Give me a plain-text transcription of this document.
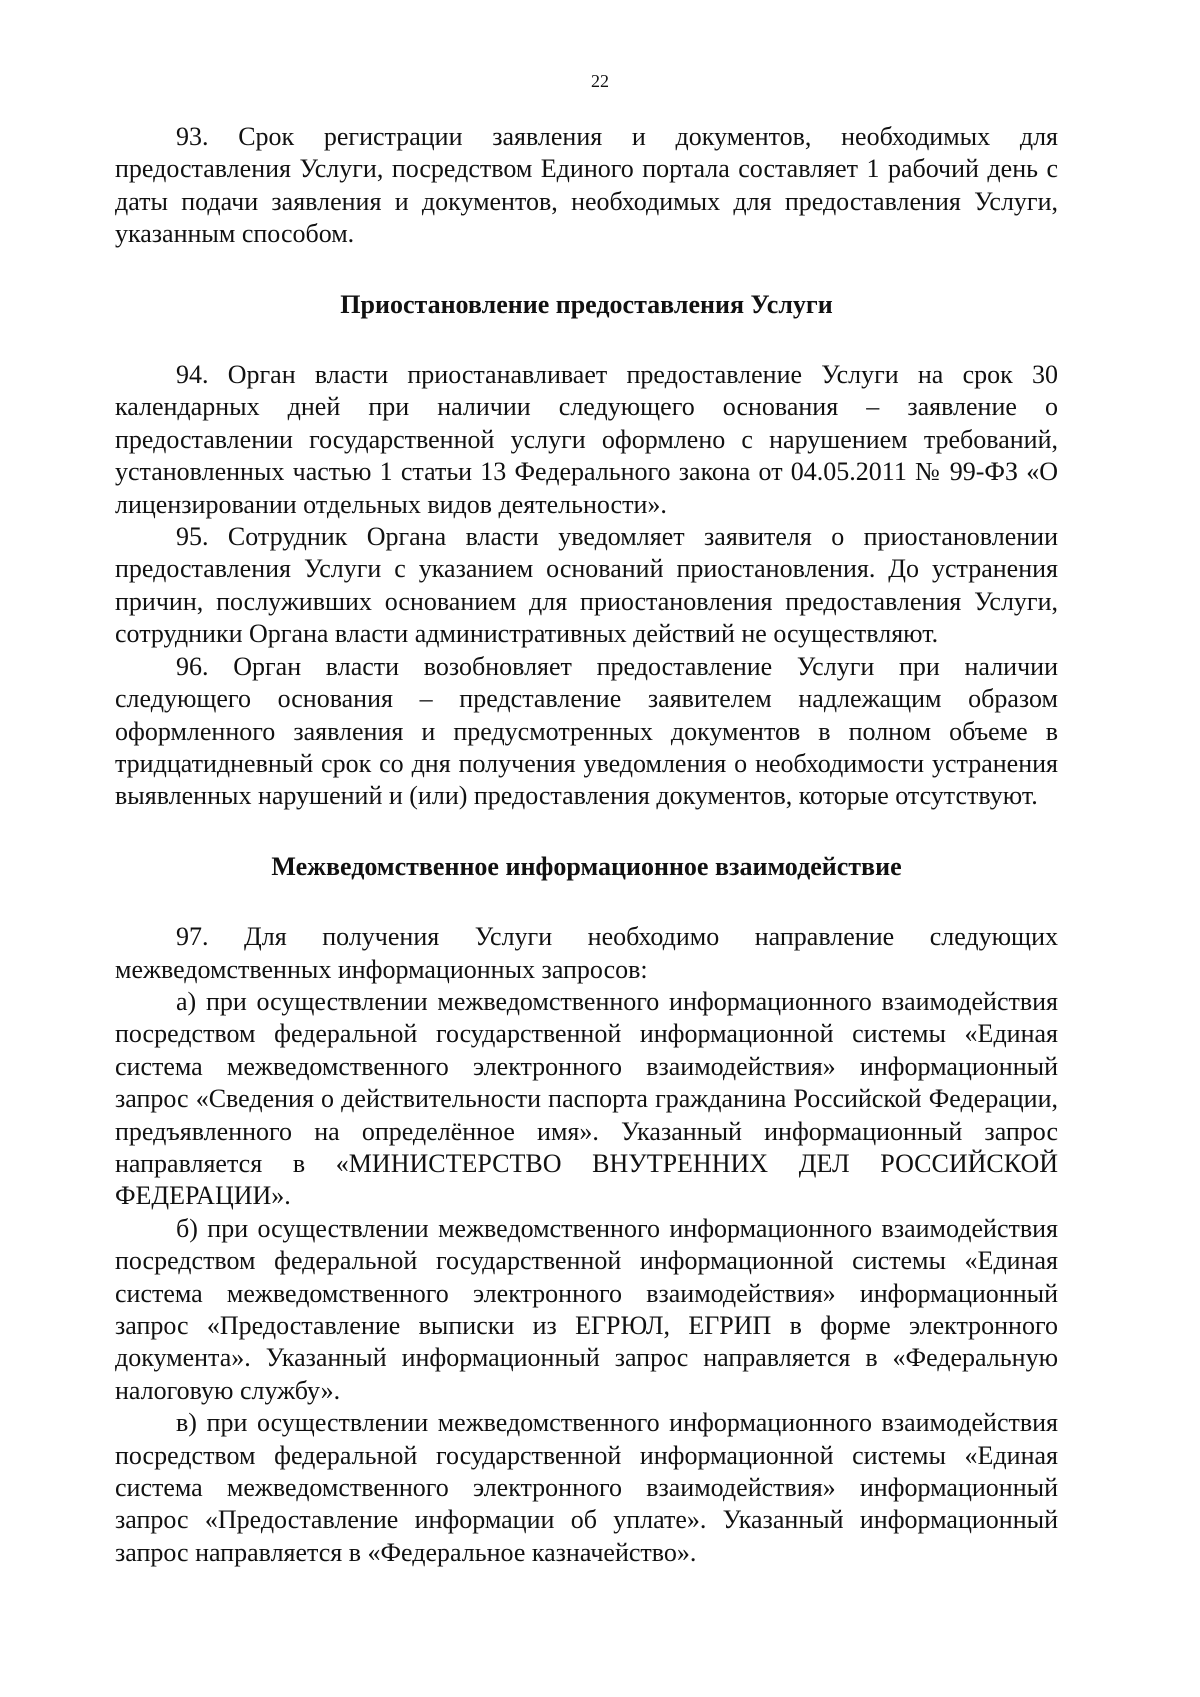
22

93. Срок регистрации заявления и документов, необходимых для предоставления Услуги, посредством Единого портала составляет 1 рабочий день с даты подачи заявления и документов, необходимых для предоставления Услуги, указанным способом.

Приостановление предоставления Услуги

94. Орган власти приостанавливает предоставление Услуги на срок 30 календарных дней при наличии следующего основания – заявление о предоставлении государственной услуги оформлено с нарушением требований, установленных частью 1 статьи 13 Федерального закона от 04.05.2011 № 99-ФЗ «О лицензировании отдельных видов деятельности».

95. Сотрудник Органа власти уведомляет заявителя о приостановлении предоставления Услуги с указанием оснований приостановления. До устранения причин, послуживших основанием для приостановления предоставления Услуги, сотрудники Органа власти административных действий не осуществляют.

96. Орган власти возобновляет предоставление Услуги при наличии следующего основания – представление заявителем надлежащим образом оформленного заявления и предусмотренных документов в полном объеме в тридцатидневный срок со дня получения уведомления о необходимости устранения выявленных нарушений и (или) предоставления документов, которые отсутствуют.

Межведомственное информационное взаимодействие

97. Для получения Услуги необходимо направление следующих межведомственных информационных запросов:

а) при осуществлении межведомственного информационного взаимодействия посредством федеральной государственной информационной системы «Единая система межведомственного электронного взаимодействия» информационный запрос «Сведения о действительности паспорта гражданина Российской Федерации, предъявленного на определённое имя». Указанный информационный запрос направляется в «МИНИСТЕРСТВО ВНУТРЕННИХ ДЕЛ РОССИЙСКОЙ ФЕДЕРАЦИИ».

б) при осуществлении межведомственного информационного взаимодействия посредством федеральной государственной информационной системы «Единая система межведомственного электронного взаимодействия» информационный запрос «Предоставление выписки из ЕГРЮЛ, ЕГРИП в форме электронного документа». Указанный информационный запрос направляется в «Федеральную налоговую службу».

в) при осуществлении межведомственного информационного взаимодействия посредством федеральной государственной информационной системы «Единая система межведомственного электронного взаимодействия» информационный запрос «Предоставление информации об уплате». Указанный информационный запрос направляется в «Федеральное казначейство».
